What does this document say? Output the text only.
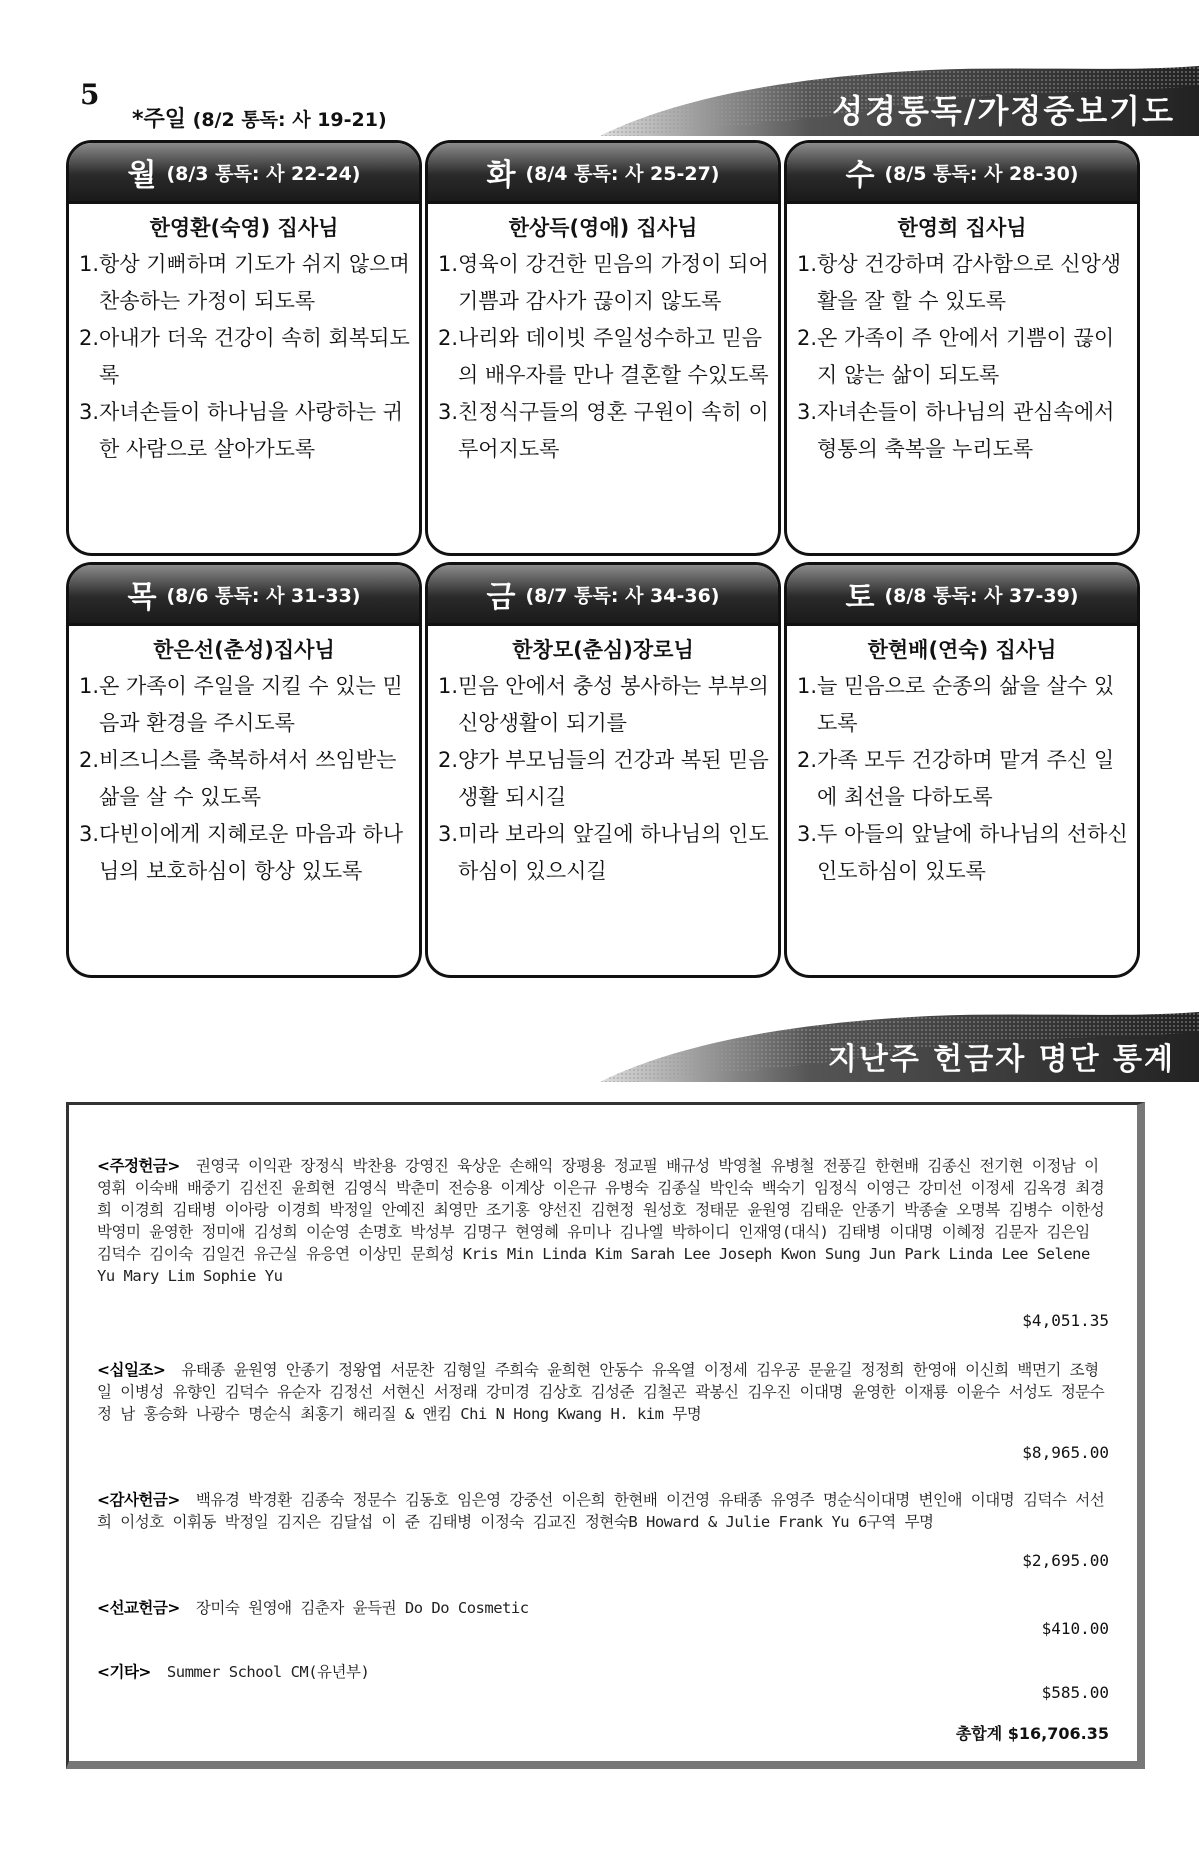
성경통독/가정중보기도
5
*주일 (8/2 통독: 사 19-21)
월 (8/3 통독: 사 22-24)
한영환(숙영) 집사님

1.항상 기뻐하며 기도가 쉬지 않으며 찬송하는 가정이 되도록

2.아내가 더욱 건강이 속히 회복되도록

3.자녀손들이 하나님을 사랑하는 귀한 사람으로 살아가도록

화 (8/4 통독: 사 25-27)
한상득(영애) 집사님

1.영육이 강건한 믿음의 가정이 되어 기쁨과 감사가 끊이지 않도록

2.나리와 데이빗 주일성수하고 믿음의 배우자를 만나 결혼할 수있도록

3.친정식구들의 영혼 구원이 속히 이루어지도록

수 (8/5 통독: 사 28-30)
한영희 집사님

1.항상 건강하며 감사함으로 신앙생활을 잘 할 수 있도록

2.온 가족이 주 안에서 기쁨이 끊이지 않는 삶이 되도록

3.자녀손들이 하나님의 관심속에서 형통의 축복을 누리도록

목 (8/6 통독: 사 31-33)
한은선(춘성)집사님

1.온 가족이 주일을 지킬 수 있는 믿음과 환경을 주시도록

2.비즈니스를 축복하셔서 쓰임받는 삶을 살 수 있도록

3.다빈이에게 지혜로운 마음과 하나님의 보호하심이 항상 있도록

금 (8/7 통독: 사 34-36)
한창모(춘심)장로님

1.믿음 안에서 충성 봉사하는 부부의 신앙생활이 되기를

2.양가 부모님들의 건강과 복된 믿음 생활 되시길

3.미라 보라의 앞길에 하나님의 인도하심이 있으시길

토 (8/8 통독: 사 37-39)
한현배(연숙) 집사님

1.늘 믿음으로 순종의 삶을 살수 있도록

2.가족 모두 건강하며 맡겨 주신 일에 최선을 다하도록

3.두 아들의 앞날에 하나님의 선하신 인도하심이 있도록

지난주 헌금자 명단 통계
<주정헌금> 권영국 이익관 장정식 박찬용 강영진 육상운 손해익 장평용 정교필 배규성 박영철 유병철 전풍길 한현배 김종신 전기현 이정남 이영휘 이숙배 배중기 김선진 윤희현 김영식 박춘미 전승용 이계상 이은규 유병숙 김종실 박인숙 백숙기 임정식 이영근 강미선 이정세 김옥경 최경희 이경희 김태병 이아랑 이경희 박정일 안예진 최영만 조기홍 양선진 김현정 원성호 정태문 윤원영 김태운 안종기 박종술 오명복 김병수 이한성 박영미 윤영한 정미애 김성희 이순영 손명호 박성부 김명구 현영혜 유미나 김나엘 박하이디 인재영(대식) 김태병 이대명 이혜정 김문자 김은임 김덕수 김이숙 김일건 유근실 유응연 이상민 문희성 Kris Min Linda Kim Sarah Lee Joseph Kwon Sung Jun Park Linda Lee Selene Yu Mary Lim Sophie Yu
$4,051.35
<십일조> 유태종 윤원영 안종기 정왕엽 서문찬 김형일 주희숙 윤희현 안동수 유옥열 이정세 김우공 문윤길 정정희 한영애 이신희 백면기 조형일 이병성 유향인 김덕수 유순자 김정선 서현신 서정래 강미경 김상호 김성준 김철곤 곽봉신 김우진 이대명 윤영한 이재룡 이윤수 서성도 정문수 정 남 홍승화 나광수 명순식 최홍기 해리질 & 앤킴 Chi N Hong Kwang H. kim 무명
$8,965.00
<감사헌금> 백유경 박경환 김종숙 정문수 김동호 임은영 강중선 이은희 한현배 이건영 유태종 유영주 명순식이대명 변인애 이대명 김덕수 서선희 이성호 이휘동 박정일 김지은 김달섭 이 준 김태병 이정숙 김교진 정현숙B Howard & Julie Frank Yu 6구역 무명
$2,695.00
<선교헌금> 장미숙 원영애 김춘자 윤득권 Do Do Cosmetic
$410.00
<기타> Summer School CM(유년부)
$585.00
총합계 $16,706.35
